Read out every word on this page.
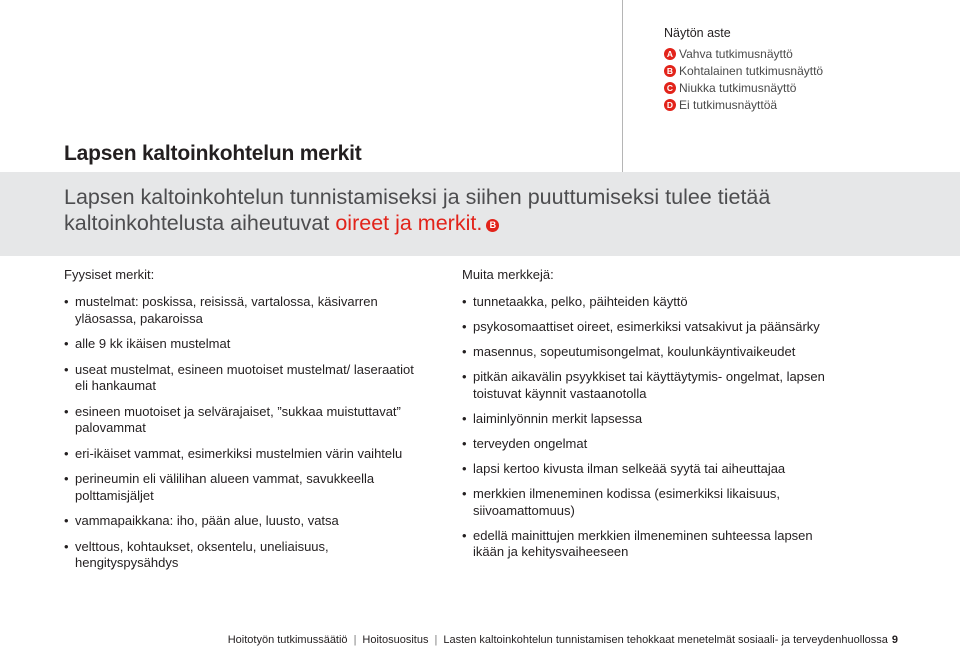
Näytön aste
A Vahva tutkimusnäyttö
B Kohtalainen tutkimusnäyttö
C Niukka tutkimusnäyttö
D Ei tutkimusnäyttöä
Lapsen kaltoinkohtelun merkit

Lapsen kaltoinkohtelun tunnistamiseksi ja siihen puuttumiseksi tulee tietää kaltoinkohtelusta aiheutuvat oireet ja merkit. B

Fyysiset merkit:
• mustelmat: poskissa, reisissä, vartalossa, käsivarren yläosassa, pakaroissa
• alle 9 kk ikäisen mustelmat
• useat mustelmat, esineen muotoiset mustelmat/ laseraatiot eli hankaumat
• esineen muotoiset ja selvärajaiset, ”sukkaa muistuttavat” palovammat
• eri-ikäiset vammat, esimerkiksi mustelmien värin vaihtelu
• perineumin eli välilihan alueen vammat, savukkeella polttamisjäljet
• vammapaikkana: iho, pään alue, luusto, vatsa
• velttous, kohtaukset, oksentelu, uneliaisuus, hengityspysähdys
Muita merkkejä:
• tunnetaakka, pelko, päihteiden käyttö
• psykosomaattiset oireet, esimerkiksi vatsakivut ja päänsärky
• masennus, sopeutumisongelmat, koulunkäyntivaikeudet
• pitkän aikavälin psyykkiset tai käyttäytymis- ongelmat, lapsen toistuvat käynnit vastaanotolla
• laiminlyönnin merkit lapsessa
• terveyden ongelmat
• lapsi kertoo kivusta ilman selkeää syytä tai aiheuttajaa
• merkkien ilmeneminen kodissa (esimerkiksi likaisuus, siivoamattomuus)
• edellä mainittujen merkkien ilmeneminen suhteessa lapsen ikään ja kehitysvaiheeseen
Hoitotyön tutkimussäätiö | Hoitosuositus | Lasten kaltoinkohtelun tunnistamisen tehokkaat menetelmät sosiaali- ja terveydenhuollossa 9
